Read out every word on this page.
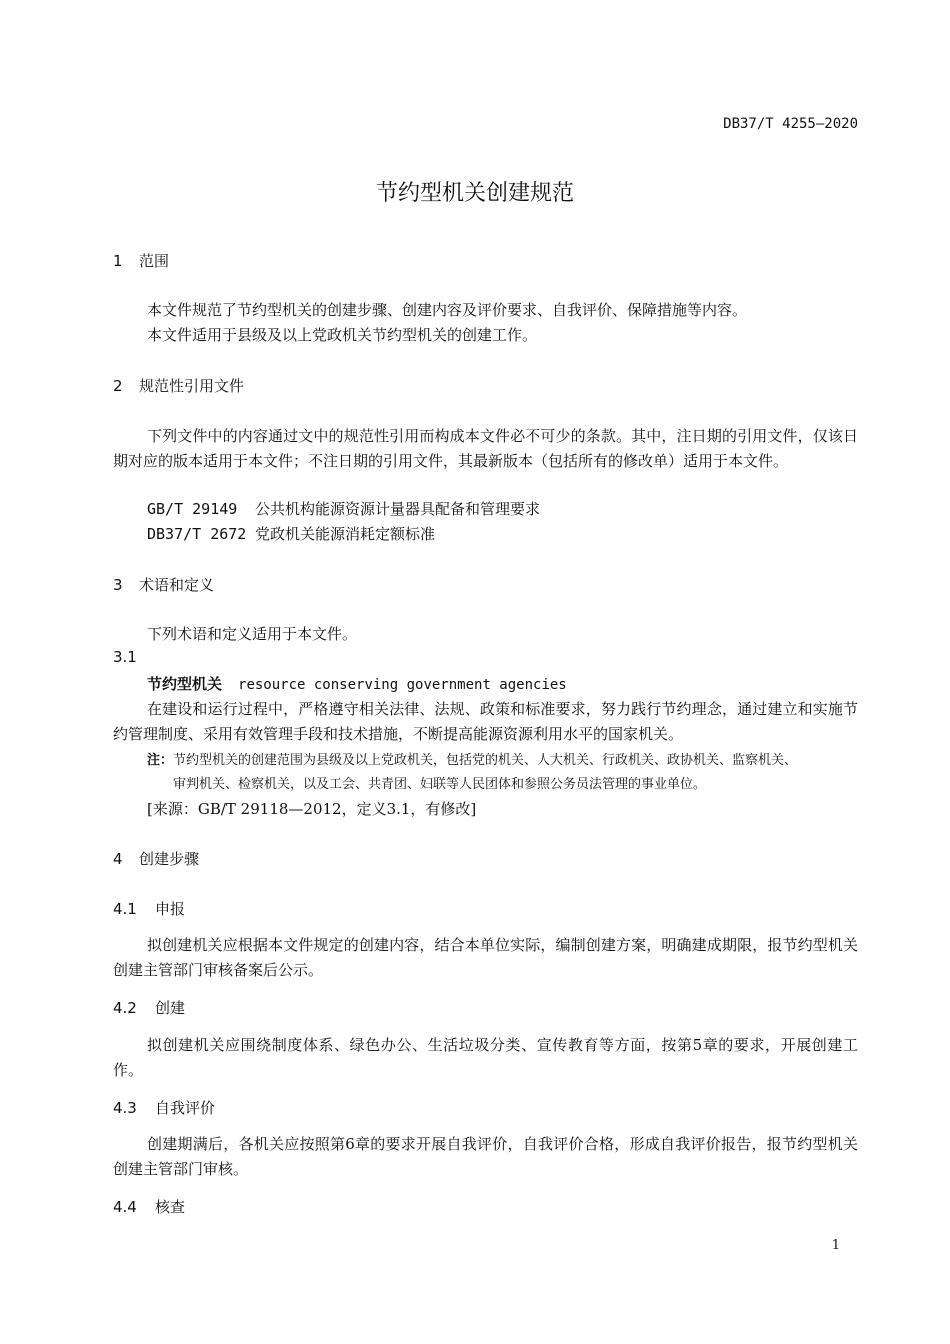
DB37/T 4255—2020
节约型机关创建规范
1 范围
本文件规范了节约型机关的创建步骤、创建内容及评价要求、自我评价、保障措施等内容。
本文件适用于县级及以上党政机关节约型机关的创建工作。
2 规范性引用文件
下列文件中的内容通过文中的规范性引用而构成本文件必不可少的条款。其中，注日期的引用文件，仅该日期对应的版本适用于本文件；不注日期的引用文件，其最新版本（包括所有的修改单）适用于本文件。
GB/T 29149 公共机构能源资源计量器具配备和管理要求
DB37/T 2672 党政机关能源消耗定额标准
3 术语和定义
下列术语和定义适用于本文件。
3.1
节约型机关 resource conserving government agencies
在建设和运行过程中，严格遵守相关法律、法规、政策和标准要求，努力践行节约理念，通过建立和实施节约管理制度、采用有效管理手段和技术措施，不断提高能源资源利用水平的国家机关。
注：节约型机关的创建范围为县级及以上党政机关，包括党的机关、人大机关、行政机关、政协机关、监察机关、
审判机关、检察机关，以及工会、共青团、妇联等人民团体和参照公务员法管理的事业单位。
[来源：GB/T 29118—2012，定义3.1，有修改]
4 创建步骤
4.1 申报
拟创建机关应根据本文件规定的创建内容，结合本单位实际，编制创建方案，明确建成期限，报节约型机关创建主管部门审核备案后公示。
4.2 创建
拟创建机关应围绕制度体系、绿色办公、生活垃圾分类、宣传教育等方面，按第5章的要求，开展创建工作。
4.3 自我评价
创建期满后，各机关应按照第6章的要求开展自我评价，自我评价合格，形成自我评价报告，报节约型机关创建主管部门审核。
4.4 核查
1
